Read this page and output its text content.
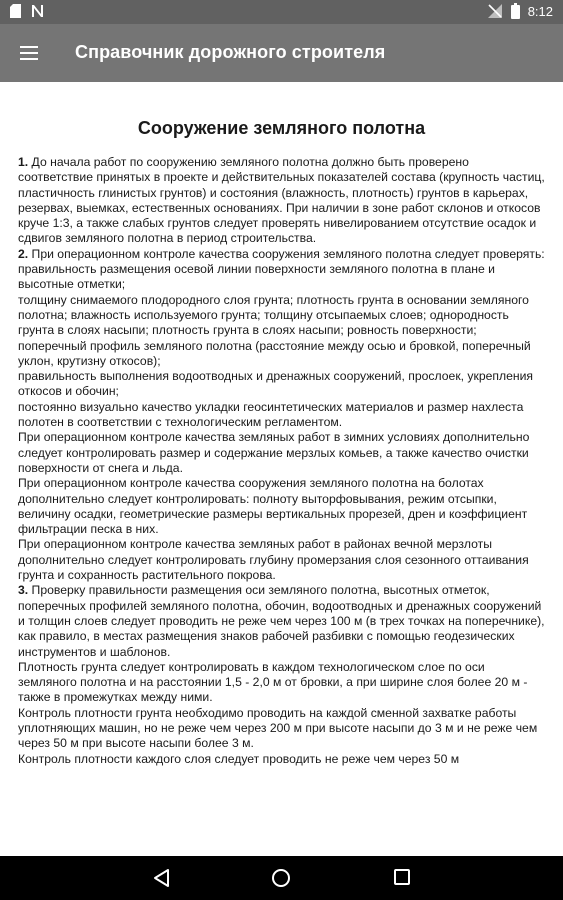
8:12
Справочник дорожного строителя
Сооружение земляного полотна

1. До начала работ по сооружению земляного полотна должно быть проверено соответствие принятых в проекте и действительных показателей состава (крупность частиц, пластичность глинистых грунтов) и состояния (влажность, плотность) грунтов в карьерах, резервах, выемках, естественных основаниях. При наличии в зоне работ склонов и откосов круче 1:3, а также слабых грунтов следует проверять нивелированием отсутствие осадок и сдвигов земляного полотна в период строительства.

2. При операционном контроле качества сооружения земляного полотна следует проверять:

правильность размещения осевой линии поверхности земляного полотна в плане и высотные отметки;

толщину снимаемого плодородного слоя грунта; плотность грунта в основании земляного полотна; влажность используемого грунта; толщину отсыпаемых слоев; однородность грунта в слоях насыпи; плотность грунта в слоях насыпи; ровность поверхности;

поперечный профиль земляного полотна (расстояние между осью и бровкой, поперечный уклон, крутизну откосов);

правильность выполнения водоотводных и дренажных сооружений, прослоек, укрепления откосов и обочин;

постоянно визуально качество укладки геосинтетических материалов и размер нахлеста полотен в соответствии с технологическим регламентом.

При операционном контроле качества земляных работ в зимних условиях дополнительно следует контролировать размер и содержание мерзлых комьев, а также качество очистки поверхности от снега и льда.

При операционном контроле качества сооружения земляного полотна на болотах дополнительно следует контролировать: полноту выторфовывания, режим отсыпки, величину осадки, геометрические размеры вертикальных прорезей, дрен и коэффициент фильтрации песка в них.

При операционном контроле качества земляных работ в районах вечной мерзлоты дополнительно следует контролировать глубину промерзания слоя сезонного оттаивания грунта и сохранность растительного покрова.

3. Проверку правильности размещения оси земляного полотна, высотных отметок, поперечных профилей земляного полотна, обочин, водоотводных и дренажных сооружений и толщин слоев следует проводить не реже чем через 100 м (в трех точках на поперечнике), как правило, в местах размещения знаков рабочей разбивки с помощью геодезических инструментов и шаблонов.

Плотность грунта следует контролировать в каждом технологическом слое по оси земляного полотна и на расстоянии 1,5 - 2,0 м от бровки, а при ширине слоя более 20 м - также в промежутках между ними.

Контроль плотности грунта необходимо проводить на каждой сменной захватке работы уплотняющих машин, но не реже чем через 200 м при высоте насыпи до 3 м и не реже чем через 50 м при высоте насыпи более 3 м.

Контроль плотности каждого слоя следует проводить не реже чем через 50 м
